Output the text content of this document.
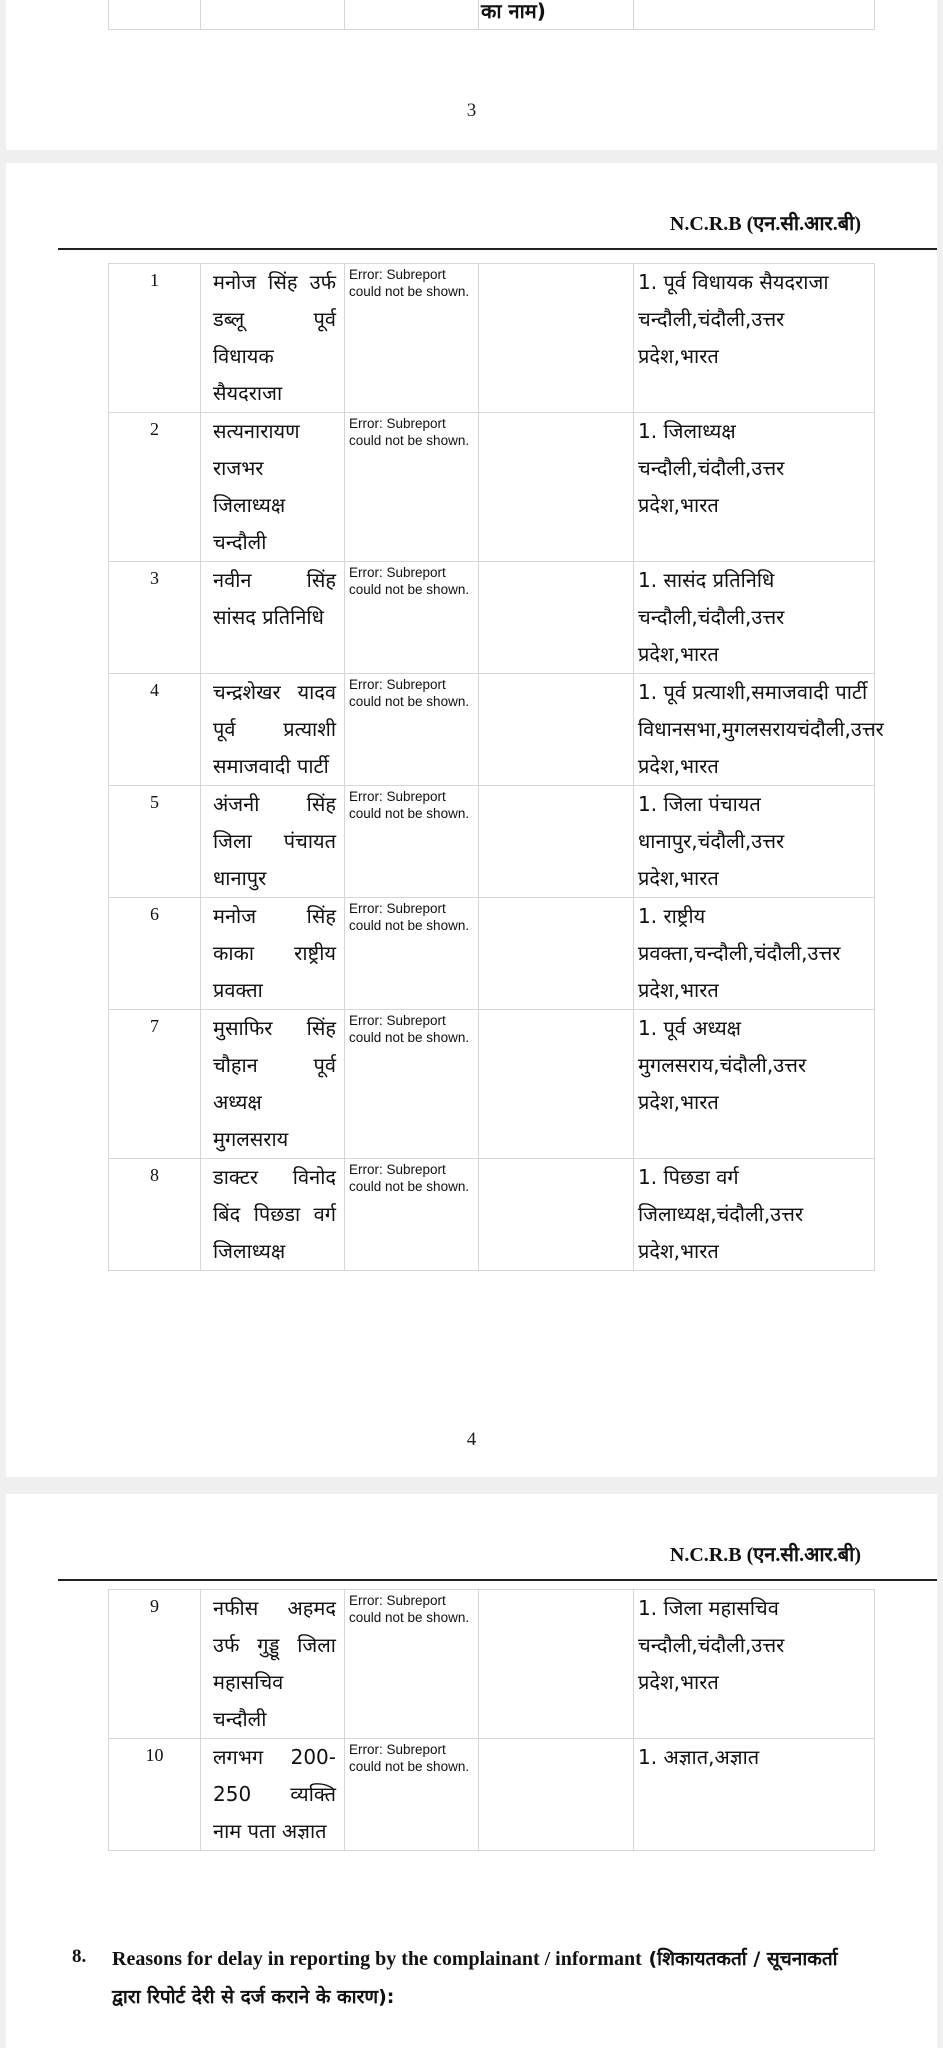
			का नाम)	
3
N.C.R.B (एन.सी.आर.बी)
1	मनोज सिंह उर्फ डब्लू पूर्व विधायक सैयदराजा	Error: Subreport could not be shown.		1. पूर्व विधायक सैयदराजा चन्दौली,चंदौली,उत्तर प्रदेश,भारत
2	सत्यनारायण राजभर जिलाध्यक्ष चन्दौली	Error: Subreport could not be shown.		1. जिलाध्यक्ष चन्दौली,चंदौली,उत्तर प्रदेश,भारत
3	नवीन सिंह सांसद प्रतिनिधि	Error: Subreport could not be shown.		1. सासंद प्रतिनिधि चन्दौली,चंदौली,उत्तर प्रदेश,भारत
4	चन्द्रशेखर यादव पूर्व प्रत्याशी समाजवादी पार्टी	Error: Subreport could not be shown.		1. पूर्व प्रत्याशी,समाजवादी पार्टी विधानसभा,मुगलसरायचंदौली,उत्तर प्रदेश,भारत
5	अंजनी सिंह जिला पंचायत धानापुर	Error: Subreport could not be shown.		1. जिला पंचायत धानापुर,चंदौली,उत्तर प्रदेश,भारत
6	मनोज सिंह काका राष्ट्रीय प्रवक्ता	Error: Subreport could not be shown.		1. राष्ट्रीय प्रवक्ता,चन्दौली,चंदौली,उत्तर प्रदेश,भारत
7	मुसाफिर सिंह चौहान पूर्व अध्यक्ष मुगलसराय	Error: Subreport could not be shown.		1. पूर्व अध्यक्ष मुगलसराय,चंदौली,उत्तर प्रदेश,भारत
8	डाक्टर विनोद बिंद पिछडा वर्ग जिलाध्यक्ष	Error: Subreport could not be shown.		1. पिछडा वर्ग जिलाध्यक्ष,चंदौली,उत्तर प्रदेश,भारत
4
N.C.R.B (एन.सी.आर.बी)
9	नफीस अहमद उर्फ गुड्डू जिला महासचिव चन्दौली	Error: Subreport could not be shown.		1. जिला महासचिव चन्दौली,चंदौली,उत्तर प्रदेश,भारत
10	लगभग 200-250 व्यक्ति नाम पता अज्ञात	Error: Subreport could not be shown.		1. अज्ञात,अज्ञात
8. Reasons for delay in reporting by the complainant / informant (शिकायतकर्ता / सूचनाकर्ता द्वारा रिपोर्ट देरी से दर्ज कराने के कारण):
